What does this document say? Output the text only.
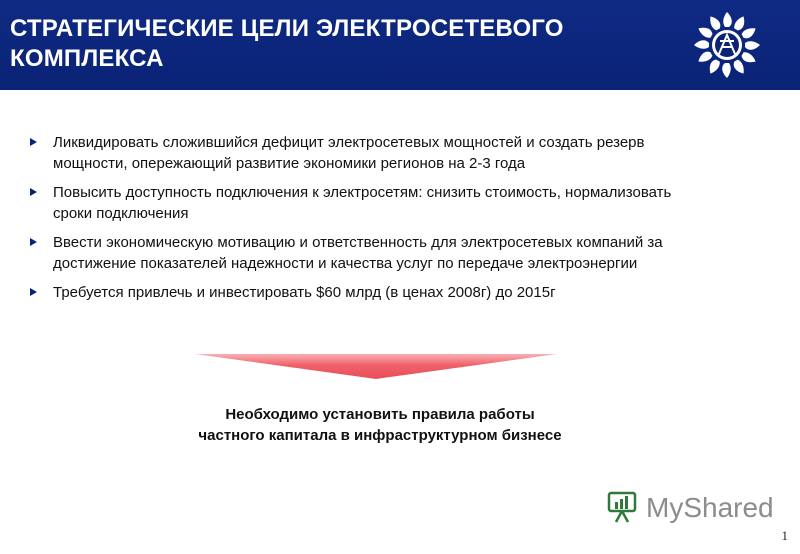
СТРАТЕГИЧЕСКИЕ ЦЕЛИ ЭЛЕКТРОСЕТЕВОГО
КОМПЛЕКСА
Ликвидировать сложившийся дефицит электросетевых мощностей и создать резерв
мощности, опережающий развитие экономики регионов на 2-3 года
Повысить доступность подключения к электросетям: снизить стоимость, нормализовать
сроки подключения
Ввести экономическую мотивацию и ответственность для электросетевых компаний за
достижение показателей надежности и качества услуг по передаче электроэнергии
Требуется привлечь и инвестировать $60 млрд (в ценах 2008г) до 2015г
Необходимо установить правила работы
частного капитала в инфраструктурном бизнесе
MyShared
1
